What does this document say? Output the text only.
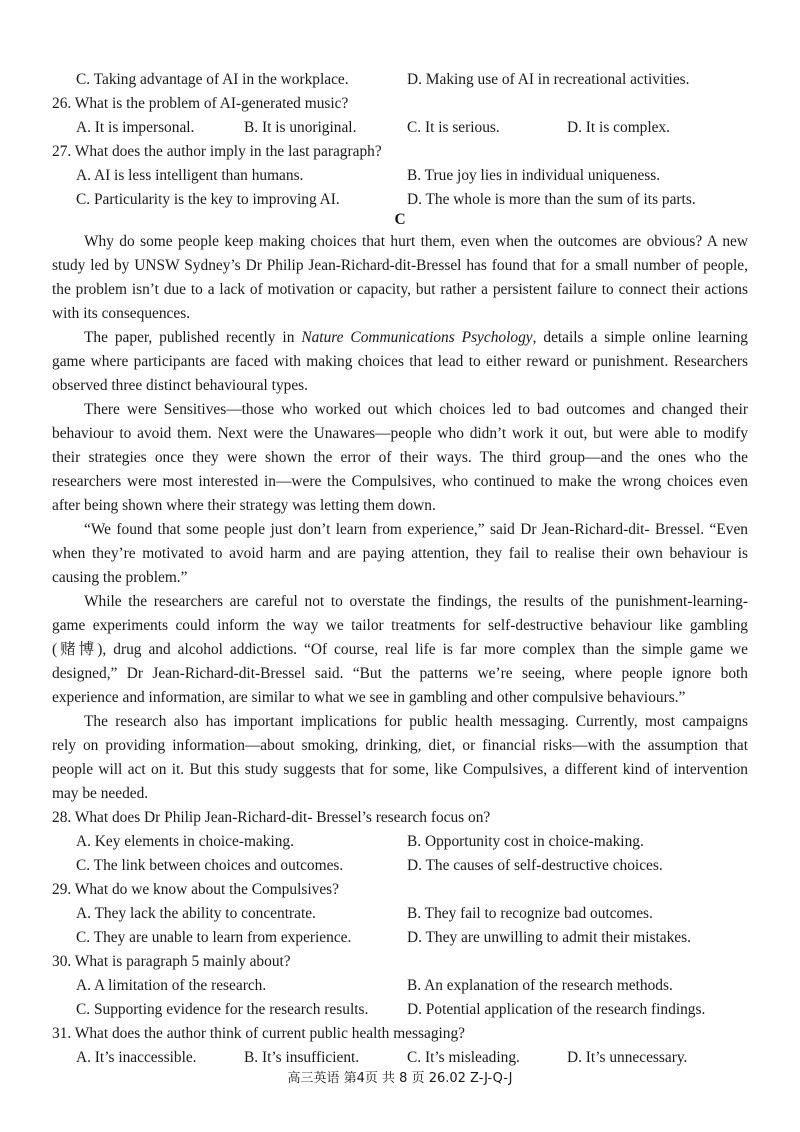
C. Taking advantage of AI in the workplace.	D. Making use of AI in recreational activities.
26. What is the problem of AI-generated music?
A. It is impersonal.	B. It is unoriginal.	C. It is serious.	D. It is complex.
27. What does the author imply in the last paragraph?
A. AI is less intelligent than humans.	B. True joy lies in individual uniqueness.
C. Particularity is the key to improving AI.	D. The whole is more than the sum of its parts.
C
Why do some people keep making choices that hurt them, even when the outcomes are obvious? A new
study led by UNSW Sydney’s Dr Philip Jean-Richard-dit-Bressel has found that for a small number of people,
the problem isn’t due to a lack of motivation or capacity, but rather a persistent failure to connect their actions
with its consequences.
The paper, published recently in Nature Communications Psychology, details a simple online learning
game where participants are faced with making choices that lead to either reward or punishment. Researchers
observed three distinct behavioural types.
There were Sensitives—those who worked out which choices led to bad outcomes and changed their
behaviour to avoid them. Next were the Unawares—people who didn’t work it out, but were able to modify
their strategies once they were shown the error of their ways. The third group—and the ones who the
researchers were most interested in—were the Compulsives, who continued to make the wrong choices even
after being shown where their strategy was letting them down.
“We found that some people just don’t learn from experience,” said Dr Jean-Richard-dit- Bressel. “Even
when they’re motivated to avoid harm and are paying attention, they fail to realise their own behaviour is
causing the problem.”
While the researchers are careful not to overstate the findings, the results of the punishment-learning-
game experiments could inform the way we tailor treatments for self-destructive behaviour like gambling
(赌博), drug and alcohol addictions. “Of course, real life is far more complex than the simple game we
designed,” Dr Jean-Richard-dit-Bressel said. “But the patterns we’re seeing, where people ignore both
experience and information, are similar to what we see in gambling and other compulsive behaviours.”
The research also has important implications for public health messaging. Currently, most campaigns
rely on providing information—about smoking, drinking, diet, or financial risks—with the assumption that
people will act on it. But this study suggests that for some, like Compulsives, a different kind of intervention
may be needed.
28. What does Dr Philip Jean-Richard-dit- Bressel’s research focus on?
A. Key elements in choice-making.	B. Opportunity cost in choice-making.
C. The link between choices and outcomes.	D. The causes of self-destructive choices.
29. What do we know about the Compulsives?
A. They lack the ability to concentrate.	B. They fail to recognize bad outcomes.
C. They are unable to learn from experience.	D. They are unwilling to admit their mistakes.
30. What is paragraph 5 mainly about?
A. A limitation of the research.	B. An explanation of the research methods.
C. Supporting evidence for the research results.	D. Potential application of the research findings.
31. What does the author think of current public health messaging?
A. It’s inaccessible.	B. It’s insufficient.	C. It’s misleading.	D. It’s unnecessary.
高三英语 第4页 共 8 页 26.02 Z-J-Q-J
